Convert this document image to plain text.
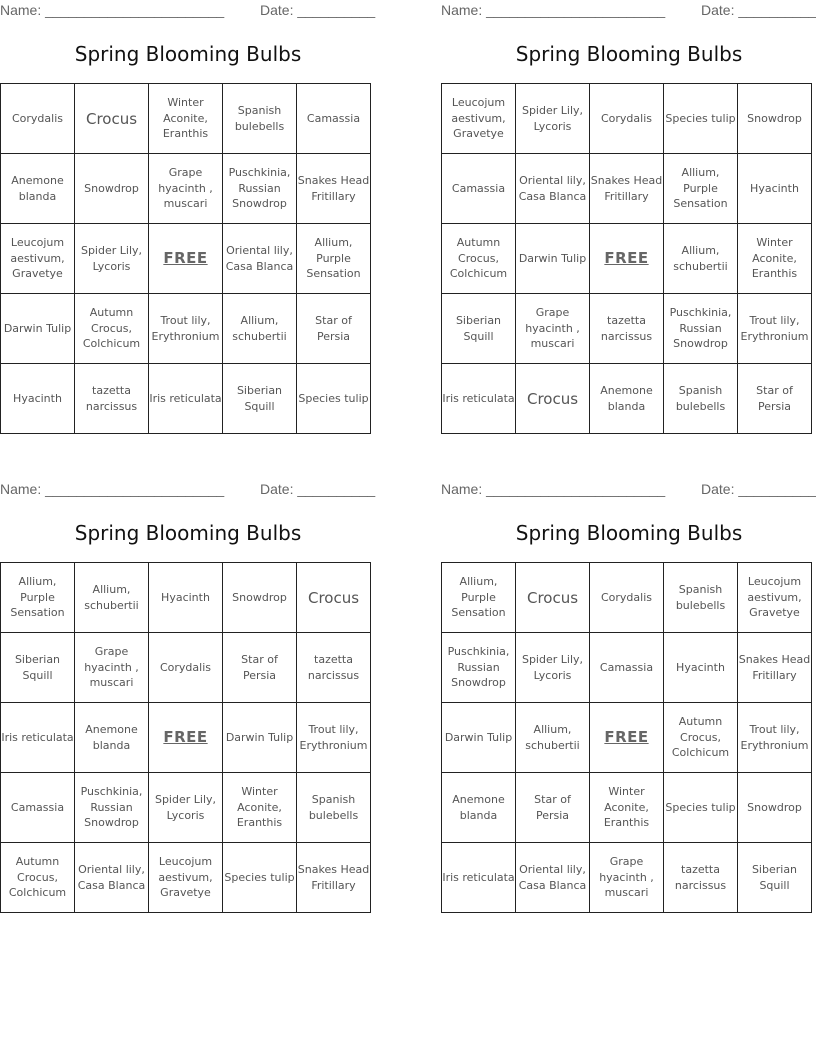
Name: _______________________	Date: __________
Spring Blooming Bulbs
Corydalis	Crocus	Winter Aconite, Eranthis	Spanish bulebells	Camassia
Anemone blanda	Snowdrop	Grape hyacinth , muscari	Puschkinia, Russian Snowdrop	Snakes Head Fritillary
Leucojum aestivum, Gravetye	Spider Lily, Lycoris	FREE	Oriental lily, Casa Blanca	Allium, Purple Sensation
Darwin Tulip	Autumn Crocus, Colchicum	Trout lily, Erythronium	Allium, schubertii	Star of Persia
Hyacinth	tazetta narcissus	Iris reticulata	Siberian Squill	Species tulip
Name: _______________________	Date: __________
Spring Blooming Bulbs
Leucojum aestivum, Gravetye	Spider Lily, Lycoris	Corydalis	Species tulip	Snowdrop
Camassia	Oriental lily, Casa Blanca	Snakes Head Fritillary	Allium, Purple Sensation	Hyacinth
Autumn Crocus, Colchicum	Darwin Tulip	FREE	Allium, schubertii	Winter Aconite, Eranthis
Siberian Squill	Grape hyacinth , muscari	tazetta narcissus	Puschkinia, Russian Snowdrop	Trout lily, Erythronium
Iris reticulata	Crocus	Anemone blanda	Spanish bulebells	Star of Persia
Name: _______________________	Date: __________
Spring Blooming Bulbs
Allium, Purple Sensation	Allium, schubertii	Hyacinth	Snowdrop	Crocus
Siberian Squill	Grape hyacinth , muscari	Corydalis	Star of Persia	tazetta narcissus
Iris reticulata	Anemone blanda	FREE	Darwin Tulip	Trout lily, Erythronium
Camassia	Puschkinia, Russian Snowdrop	Spider Lily, Lycoris	Winter Aconite, Eranthis	Spanish bulebells
Autumn Crocus, Colchicum	Oriental lily, Casa Blanca	Leucojum aestivum, Gravetye	Species tulip	Snakes Head Fritillary
Name: _______________________	Date: __________
Spring Blooming Bulbs
Allium, Purple Sensation	Crocus	Corydalis	Spanish bulebells	Leucojum aestivum, Gravetye
Puschkinia, Russian Snowdrop	Spider Lily, Lycoris	Camassia	Hyacinth	Snakes Head Fritillary
Darwin Tulip	Allium, schubertii	FREE	Autumn Crocus, Colchicum	Trout lily, Erythronium
Anemone blanda	Star of Persia	Winter Aconite, Eranthis	Species tulip	Snowdrop
Iris reticulata	Oriental lily, Casa Blanca	Grape hyacinth , muscari	tazetta narcissus	Siberian Squill
